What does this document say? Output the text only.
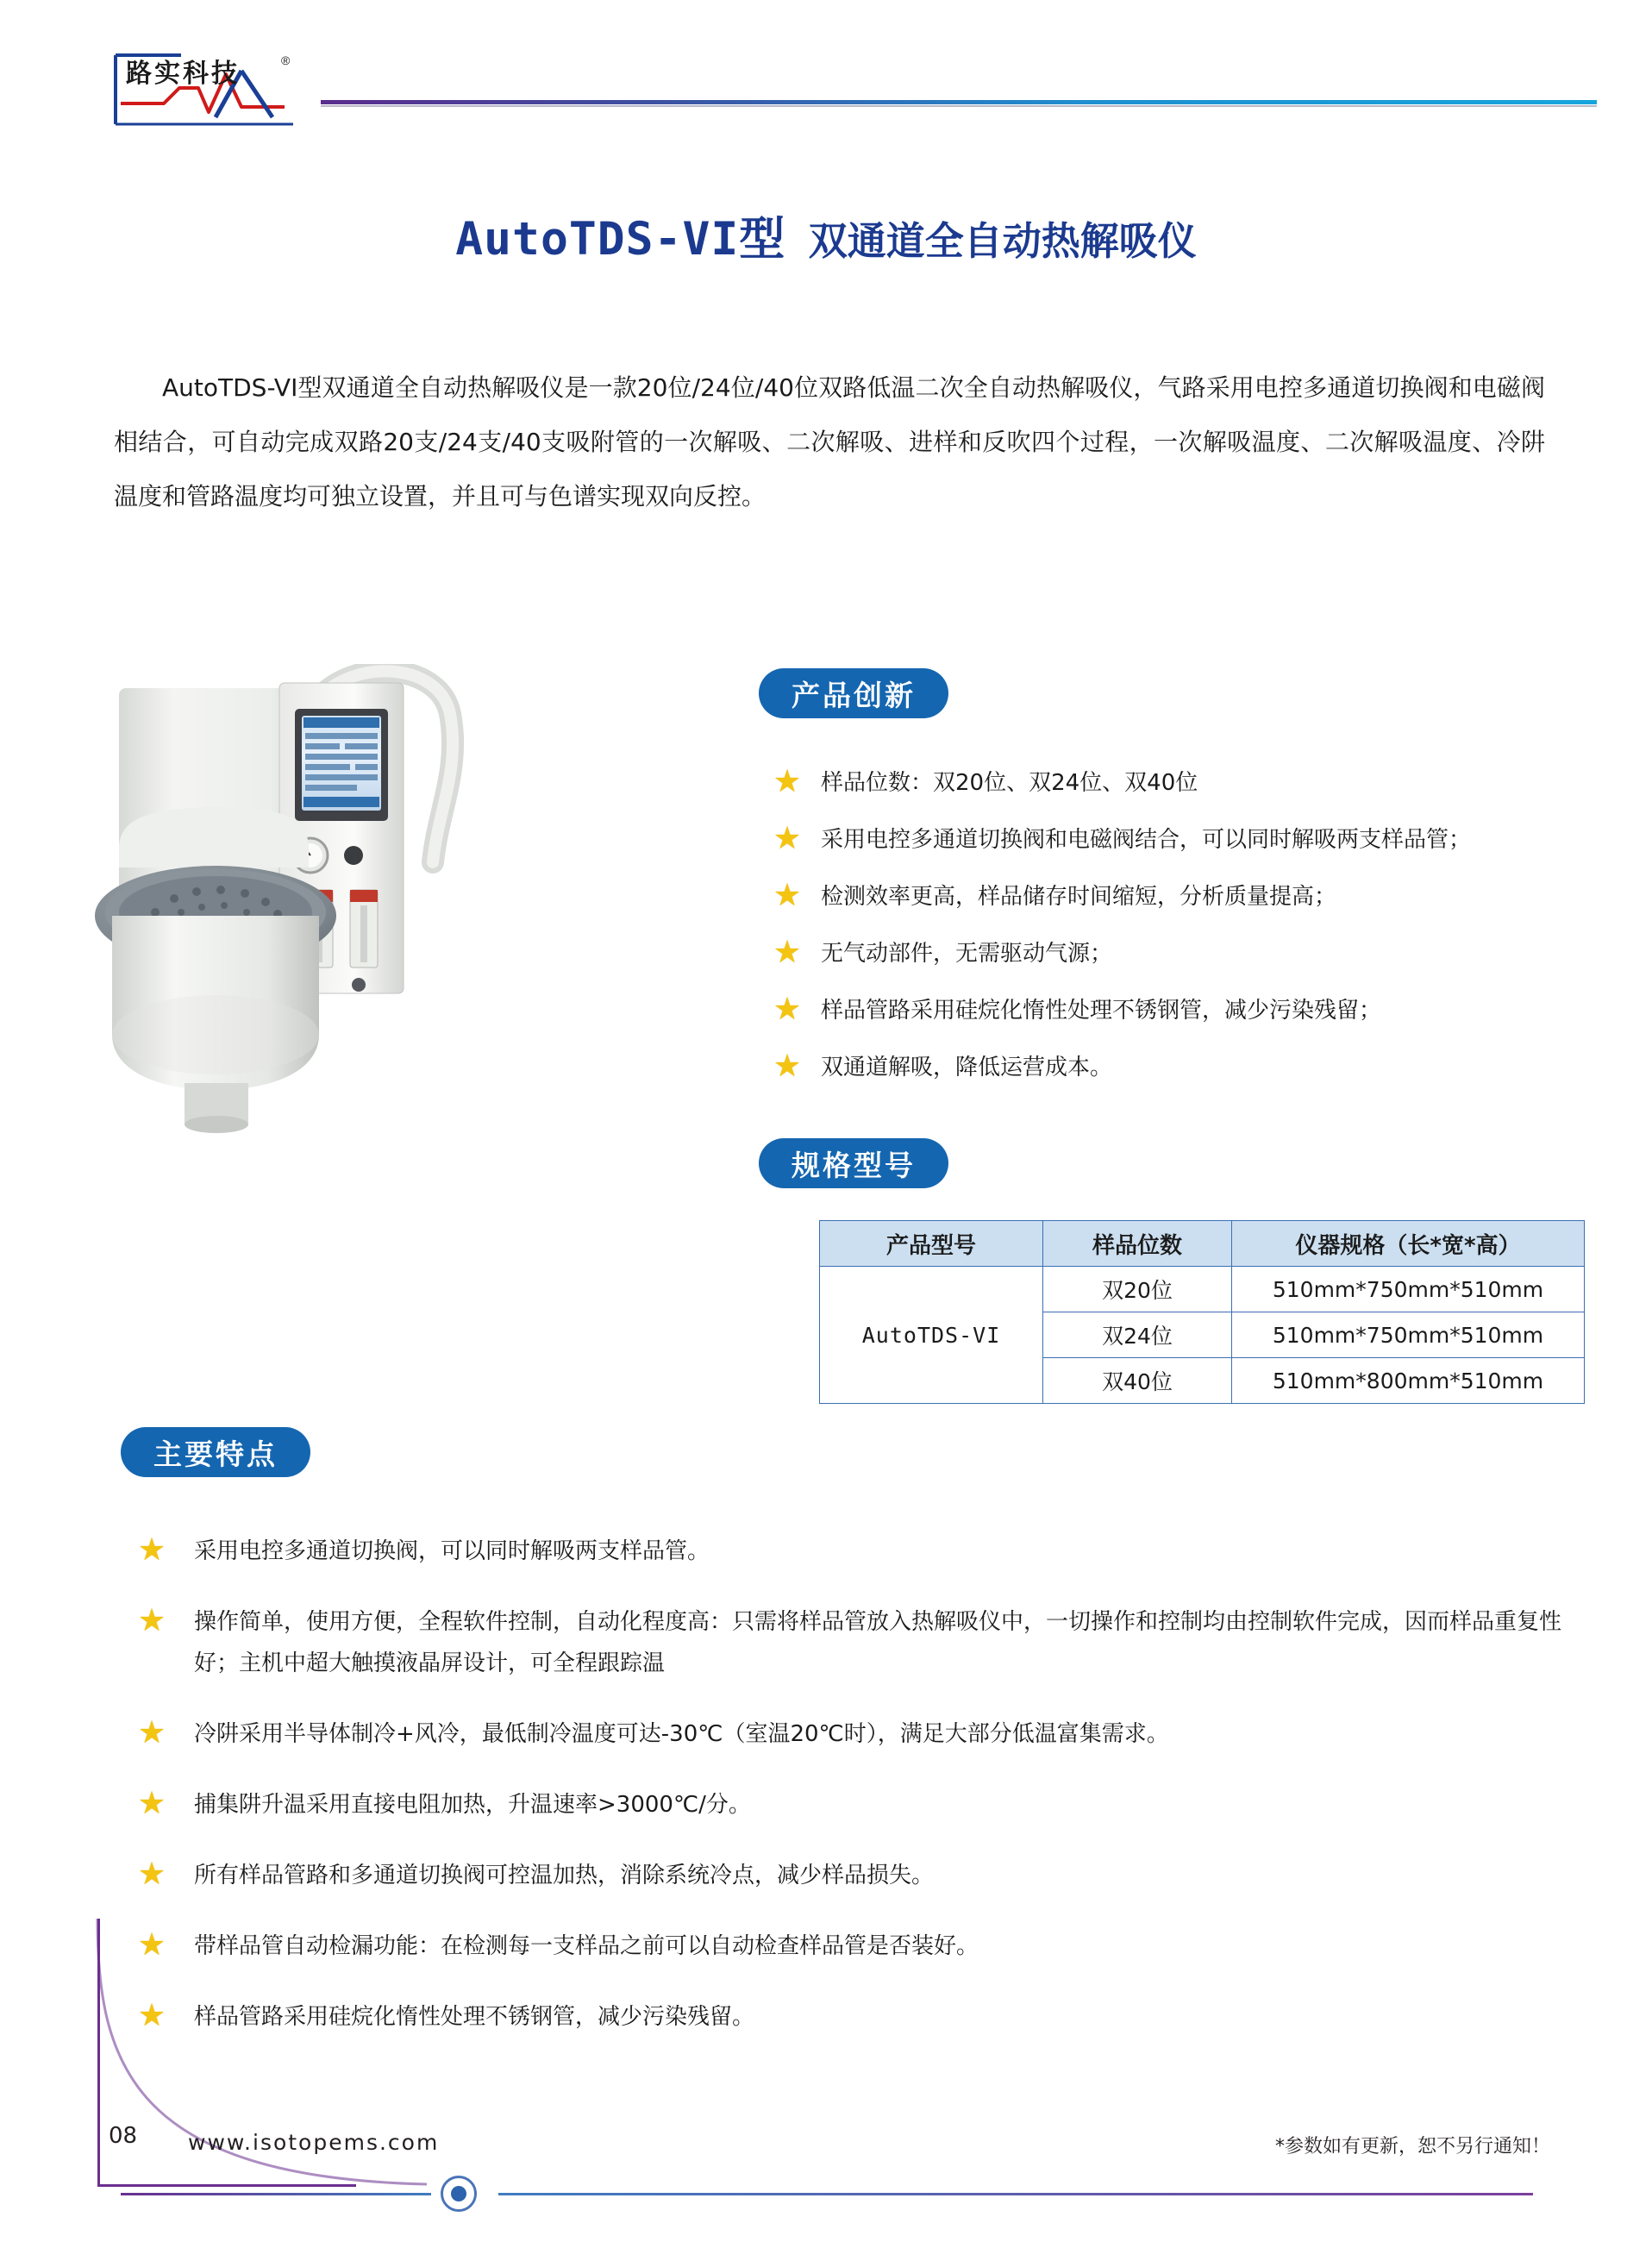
路实科技	®
AutoTDS-VI型 双通道全自动热解吸仪
AutoTDS-VI型双通道全自动热解吸仪是一款20位/24位/40位双路低温二次全自动热解吸仪，气路采用电控多通道切换阀和电磁阀相结合，可自动完成双路20支/24支/40支吸附管的一次解吸、二次解吸、进样和反吹四个过程，一次解吸温度、二次解吸温度、冷阱温度和管路温度均可独立设置，并且可与色谱实现双向反控。
产品创新
★ 样品位数：双20位、双24位、双40位
★ 采用电控多通道切换阀和电磁阀结合，可以同时解吸两支样品管；
★ 检测效率更高，样品储存时间缩短，分析质量提高；
★ 无气动部件，无需驱动气源；
★ 样品管路采用硅烷化惰性处理不锈钢管，减少污染残留；
★ 双通道解吸，降低运营成本。
规格型号
产品型号	样品位数	仪器规格（长*宽*高）
AutoTDS-VI	双20位	510mm*750mm*510mm
	双24位	510mm*750mm*510mm
	双40位	510mm*800mm*510mm
主要特点
★ 采用电控多通道切换阀，可以同时解吸两支样品管。
★ 操作简单，使用方便，全程软件控制，自动化程度高：只需将样品管放入热解吸仪中，一切操作和控制均由控制软件完成，因而样品重复性好；主机中超大触摸液晶屏设计，可全程跟踪温
★ 冷阱采用半导体制冷+风冷，最低制冷温度可达-30℃（室温20℃时），满足大部分低温富集需求。
★ 捕集阱升温采用直接电阻加热，升温速率>3000℃/分。
★ 所有样品管路和多通道切换阀可控温加热，消除系统冷点，减少样品损失。
★ 带样品管自动检漏功能：在检测每一支样品之前可以自动检查样品管是否装好。
★ 样品管路采用硅烷化惰性处理不锈钢管，减少污染残留。
08 www.isotopems.com	*参数如有更新，恕不另行通知！
